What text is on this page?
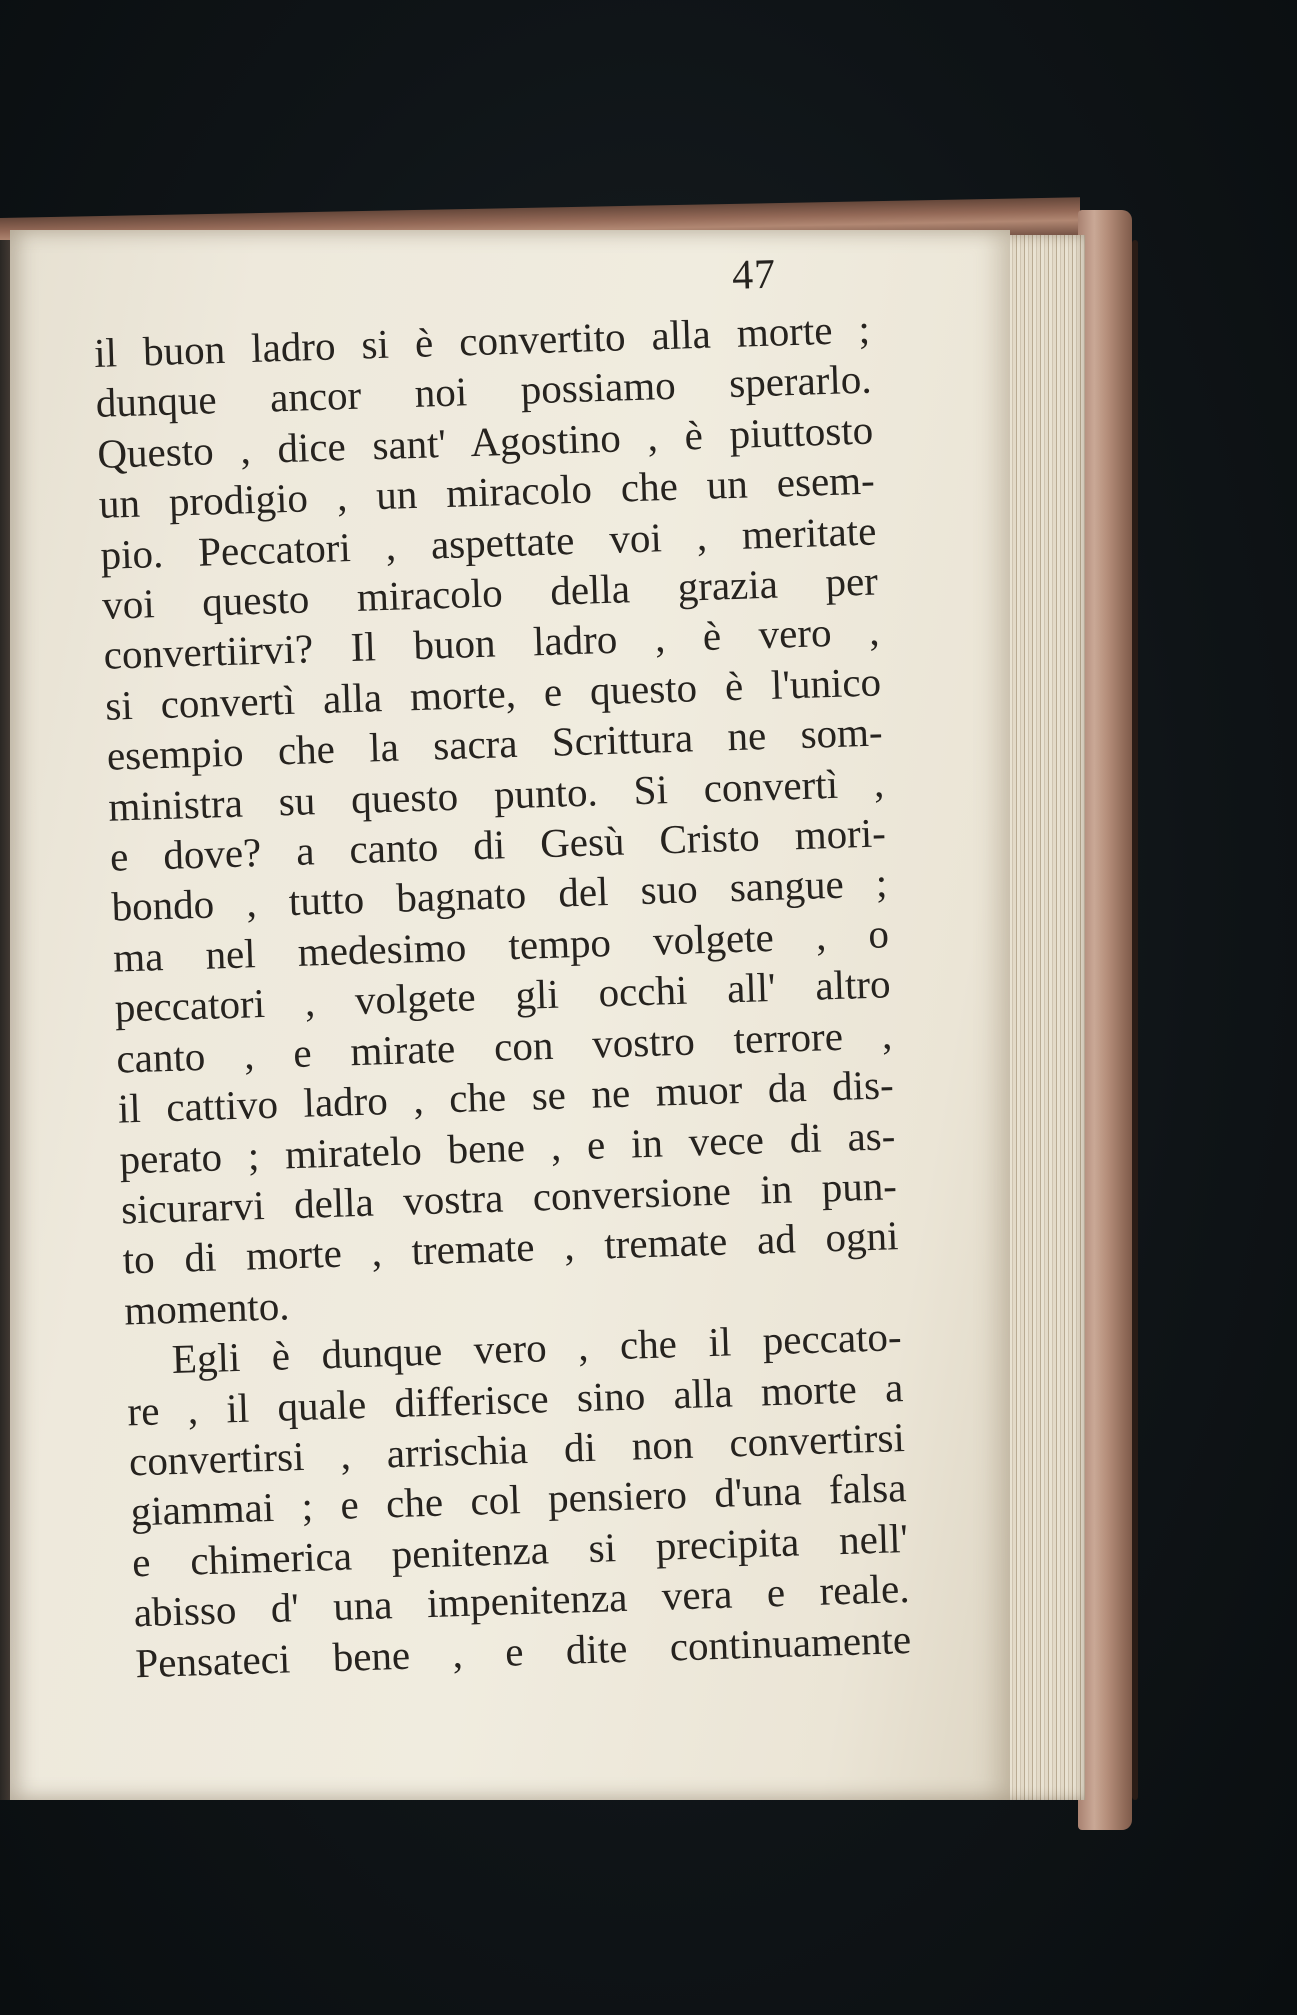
47
il buon ladro si è convertito alla morte ;
dunque ancor noi possiamo sperarlo.
Questo , dice sant' Agostino , è piuttosto
un prodigio , un miracolo che un esem-
pio. Peccatori , aspettate voi , meritate
voi questo miracolo della grazia per
convertiirvi? Il buon ladro , è vero ,
si convertì alla morte, e questo è l'unico
esempio che la sacra Scrittura ne som-
ministra su questo punto. Si convertì ,
e dove? a canto di Gesù Cristo mori-
bondo , tutto bagnato del suo sangue ;
ma nel medesimo tempo volgete , o
peccatori , volgete gli occhi all' altro
canto , e mirate con vostro terrore ,
il cattivo ladro , che se ne muor da dis-
perato ; miratelo bene , e in vece di as-
sicurarvi della vostra conversione in pun-
to di morte , tremate , tremate ad ogni
momento.
Egli è dunque vero , che il peccato-
re , il quale differisce sino alla morte a
convertirsi , arrischia di non convertirsi
giammai ; e che col pensiero d'una falsa
e chimerica penitenza si precipita nell'
abisso d' una impenitenza vera e reale.
Pensateci bene , e dite continuamente
